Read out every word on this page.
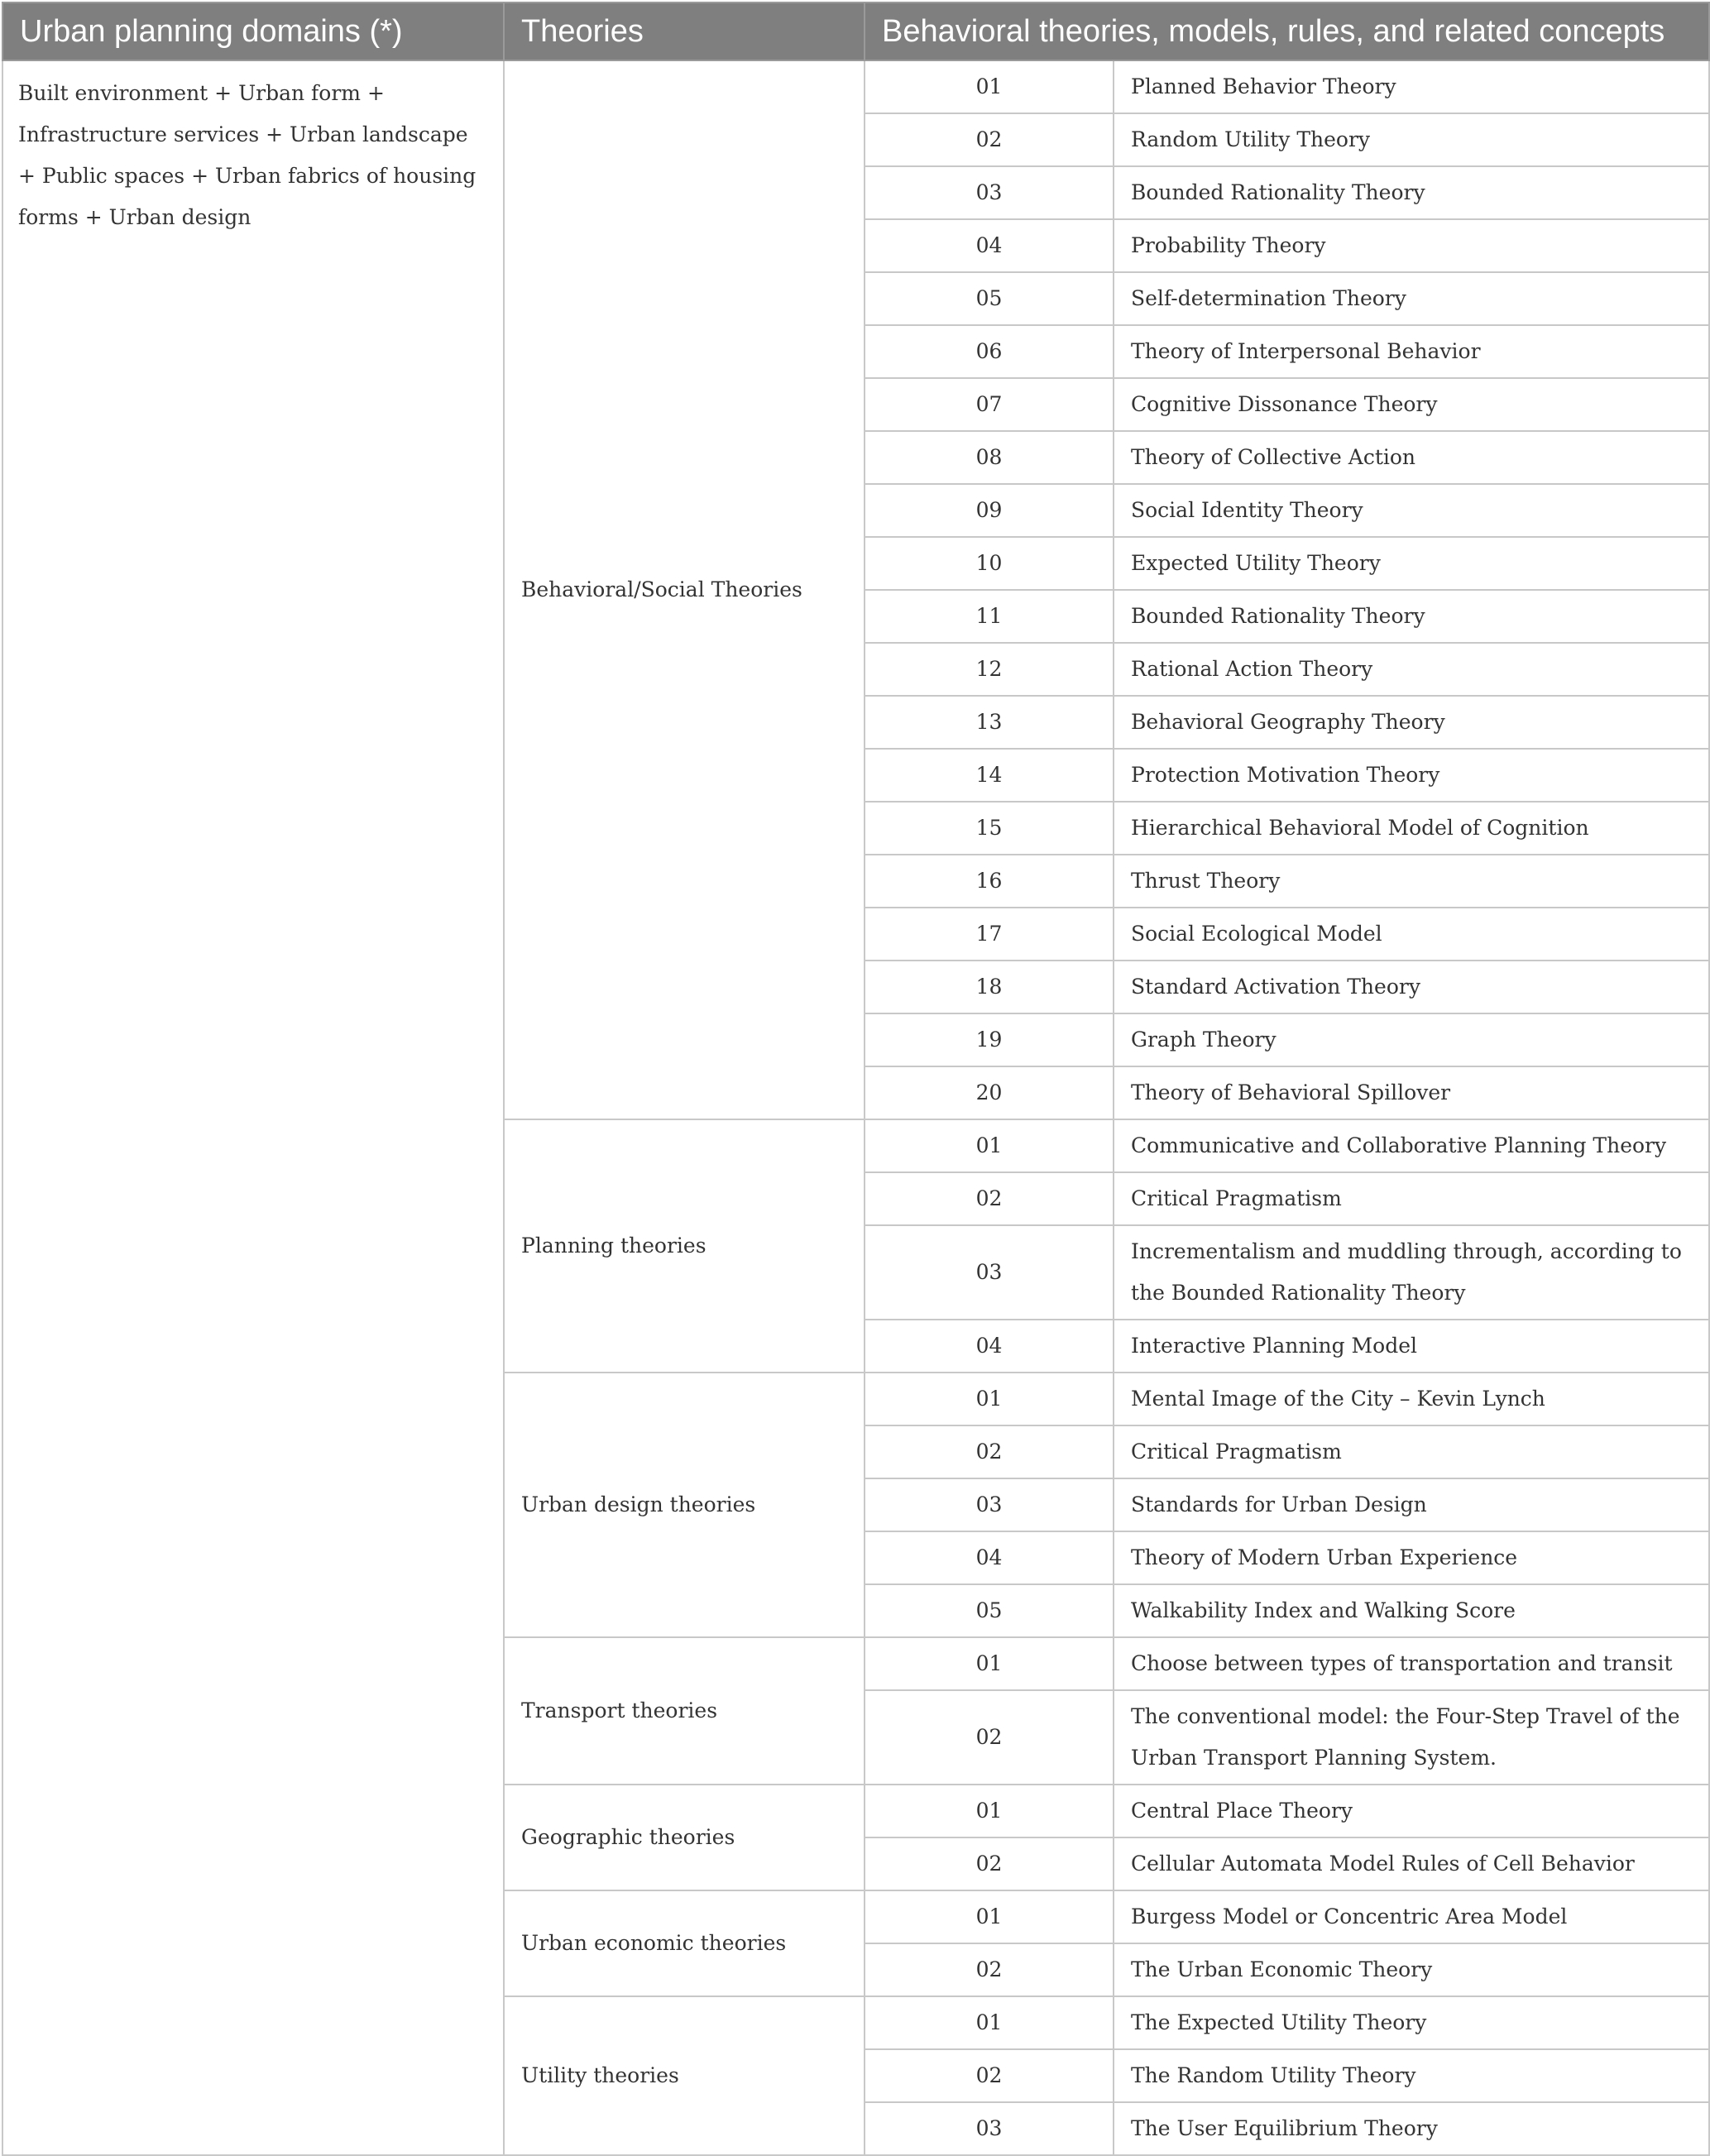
Urban planning domains (*)	Theories	Behavioral theories, models, rules, and related concepts	
Built environment + Urban form + Infrastructure services + Urban landscape + Public spaces + Urban fabrics of housing forms + Urban design	Behavioral/Social Theories	01	Planned Behavior Theory
		02	Random Utility Theory
		03	Bounded Rationality Theory
		04	Probability Theory
		05	Self-determination Theory
		06	Theory of Interpersonal Behavior
		07	Cognitive Dissonance Theory
		08	Theory of Collective Action
		09	Social Identity Theory
		10	Expected Utility Theory
		11	Bounded Rationality Theory
		12	Rational Action Theory
		13	Behavioral Geography Theory
		14	Protection Motivation Theory
		15	Hierarchical Behavioral Model of Cognition
		16	Thrust Theory
		17	Social Ecological Model
		18	Standard Activation Theory
		19	Graph Theory
		20	Theory of Behavioral Spillover
	Planning theories	01	Communicative and Collaborative Planning Theory
		02	Critical Pragmatism
		03	Incrementalism and muddling through, according to the Bounded Rationality Theory
		04	Interactive Planning Model
	Urban design theories	01	Mental Image of the City – Kevin Lynch
		02	Critical Pragmatism
		03	Standards for Urban Design
		04	Theory of Modern Urban Experience
		05	Walkability Index and Walking Score
	Transport theories	01	Choose between types of transportation and transit
		02	The conventional model: the Four-Step Travel of the Urban Transport Planning System.
	Geographic theories	01	Central Place Theory
		02	Cellular Automata Model Rules of Cell Behavior
	Urban economic theories	01	Burgess Model or Concentric Area Model
		02	The Urban Economic Theory
	Utility theories	01	The Expected Utility Theory
		02	The Random Utility Theory
		03	The User Equilibrium Theory
